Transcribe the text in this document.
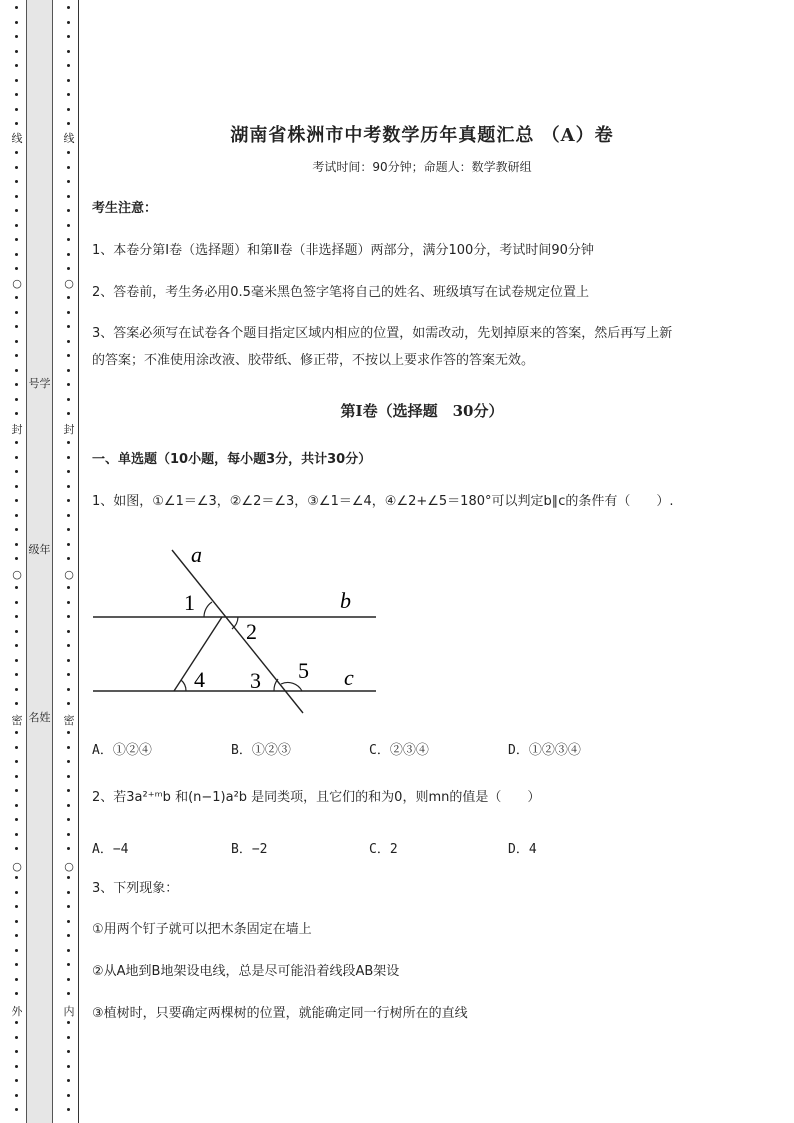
线
○
封
○
密
○
外
线
○
封
○
密
○
内
号学
级年
名姓
湖南省株洲市中考数学历年真题汇总 （A）卷
考试时间：90分钟；命题人：数学教研组
考生注意：
1、本卷分第Ⅰ卷（选择题）和第Ⅱ卷（非选择题）两部分，满分100分，考试时间90分钟
2、答卷前，考生务必用0.5毫米黑色签字笔将自己的姓名、班级填写在试卷规定位置上
3、答案必须写在试卷各个题目指定区域内相应的位置，如需改动，先划掉原来的答案，然后再写上新
的答案；不准使用涂改液、胶带纸、修正带，不按以上要求作答的答案无效。
第Ⅰ卷（选择题　30分）
一、单选题（10小题，每小题3分，共计30分）
1、如图，①∠1＝∠3，②∠2＝∠3，③∠1＝∠4，④∠2+∠5＝180°可以判定b∥c的条件有（　　）.
a
b
c
1
2
3
4	5
A．①②④	B．①②③	C．②③④	D．①②③④
2、若3a²⁺ᵐb 和(n−1)a²b 是同类项，且它们的和为0，则mn的值是（　　）
A．−4	B．−2	C．2	D．4
3、下列现象：
①用两个钉子就可以把木条固定在墙上
②从A地到B地架设电线，总是尽可能沿着线段AB架设
③植树时，只要确定两棵树的位置，就能确定同一行树所在的直线
